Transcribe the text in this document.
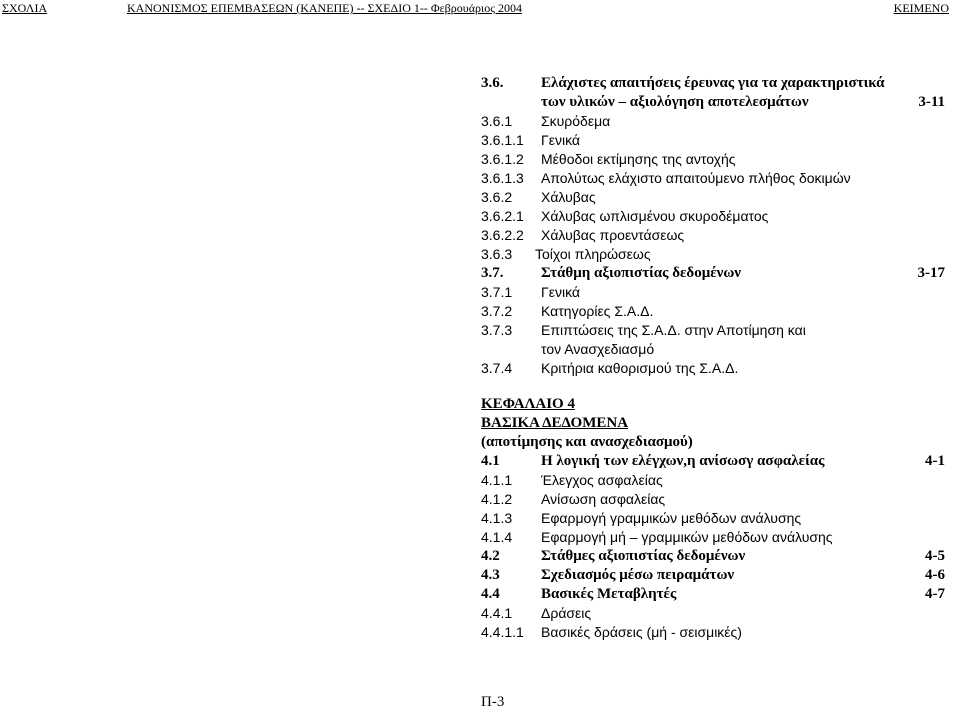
ΣΧΟΛΙΑ	ΚΑΝΟΝΙΣΜΟΣ ΕΠΕΜΒΑΣΕΩΝ (ΚΑΝΕΠΕ) -- ΣΧΕΔΙΟ 1-- Φεβρουάριος 2004	ΚΕΙΜΕΝΟ
3.6.	Ελάχιστες απαιτήσεις έρευνας για τα χαρακτηριστικά
των υλικών – αξιολόγηση αποτελεσμάτων	3-11
3.6.1 Σκυρόδεμα
3.6.1.1 Γενικά
3.6.1.2 Μέθοδοι εκτίμησης της αντοχής
3.6.1.3 Απολύτως ελάχιστο απαιτούμενο πλήθος δοκιμών
3.6.2 Χάλυβας
3.6.2.1 Χάλυβας ωπλισμένου σκυροδέματος
3.6.2.2 Χάλυβας προεντάσεως
3.6.3 Τοίχοι πληρώσεως
3.7.	Στάθμη αξιοπιστίας δεδομένων	3-17
3.7.1 Γενικά
3.7.2 Κατηγορίες Σ.Α.Δ.
3.7.3 Επιπτώσεις της Σ.Α.Δ. στην Αποτίμηση και
τον Ανασχεδιασμό
3.7.4 Κριτήρια καθορισμού της Σ.Α.Δ.
ΚΕΦΑΛΑΙΟ 4
ΒΑΣΙΚΑ ΔΕΔΟΜΕΝΑ
(αποτίμησης και ανασχεδιασμού)
4.1	Η λογική των ελέγχων,η ανίσωσγ ασφαλείας	4-1
4.1.1 Έλεγχος ασφαλείας
4.1.2 Ανίσωση ασφαλείας
4.1.3 Εφαρμογή γραμμικών μεθόδων ανάλυσης
4.1.4 Εφαρμογή μή – γραμμικών μεθόδων ανάλυσης
4.2	Στάθμες αξιοπιστίας δεδομένων	4-5
4.3	Σχεδιασμός μέσω πειραμάτων	4-6
4.4	Βασικές Μεταβλητές	4-7
4.4.1 Δράσεις
4.4.1.1 Βασικές δράσεις (μή - σεισμικές)
Π-3
